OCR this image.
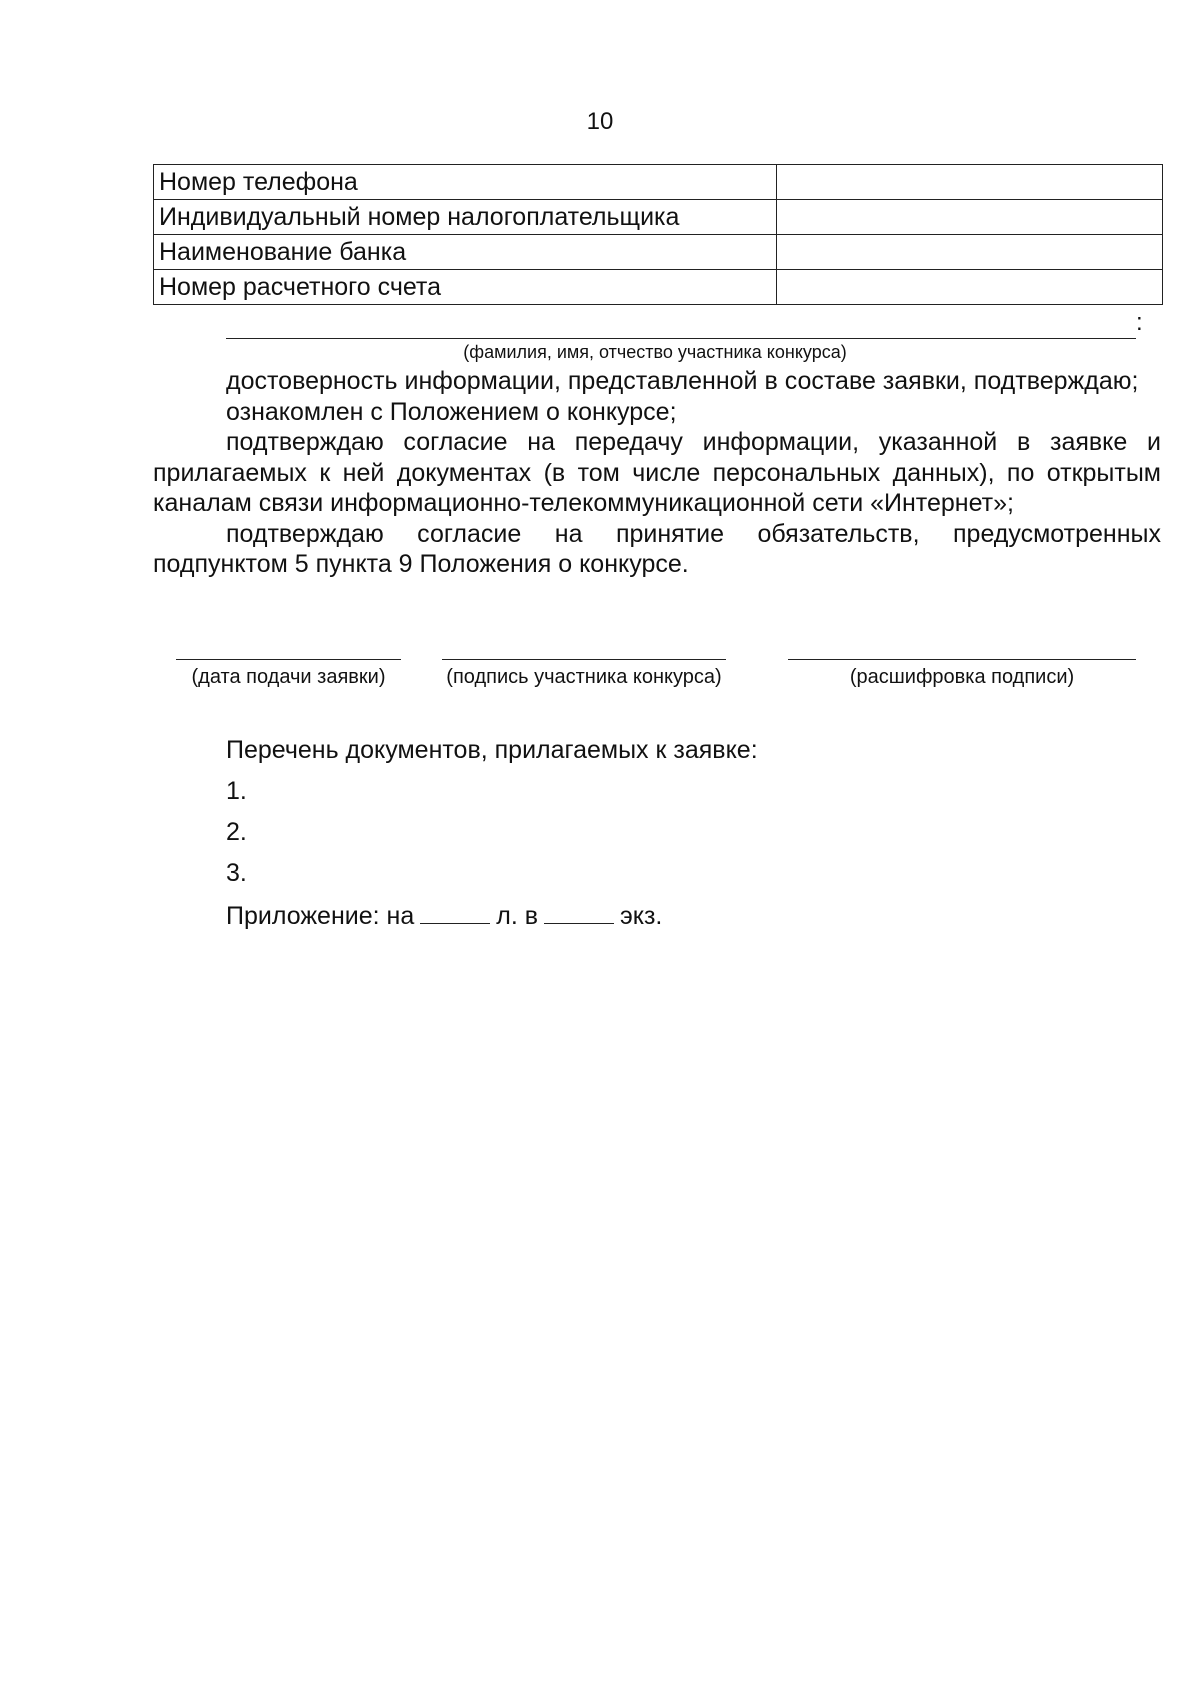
10
Номер телефона	
Индивидуальный номер налогоплательщика	
Наименование банка	
Номер расчетного счета	
:
(фамилия, имя, отчество участника конкурса)

достоверность информации, представленной в составе заявки, подтверждаю;

ознакомлен с Положением о конкурсе;

подтверждаю согласие на передачу информации, указанной в заявке и прилагаемых к ней документах (в том числе персональных данных), по открытым каналам связи информационно-телекоммуникационной сети «Интернет»;

подтверждаю согласие на принятие обязательств, предусмотренных подпунктом 5 пункта 9 Положения о конкурсе.

(дата подачи заявки)	(подпись участника конкурса)	(расшифровка подписи)
Перечень документов, прилагаемых к заявке:
1.
2.
3.
Приложение: на	л. в	экз.
